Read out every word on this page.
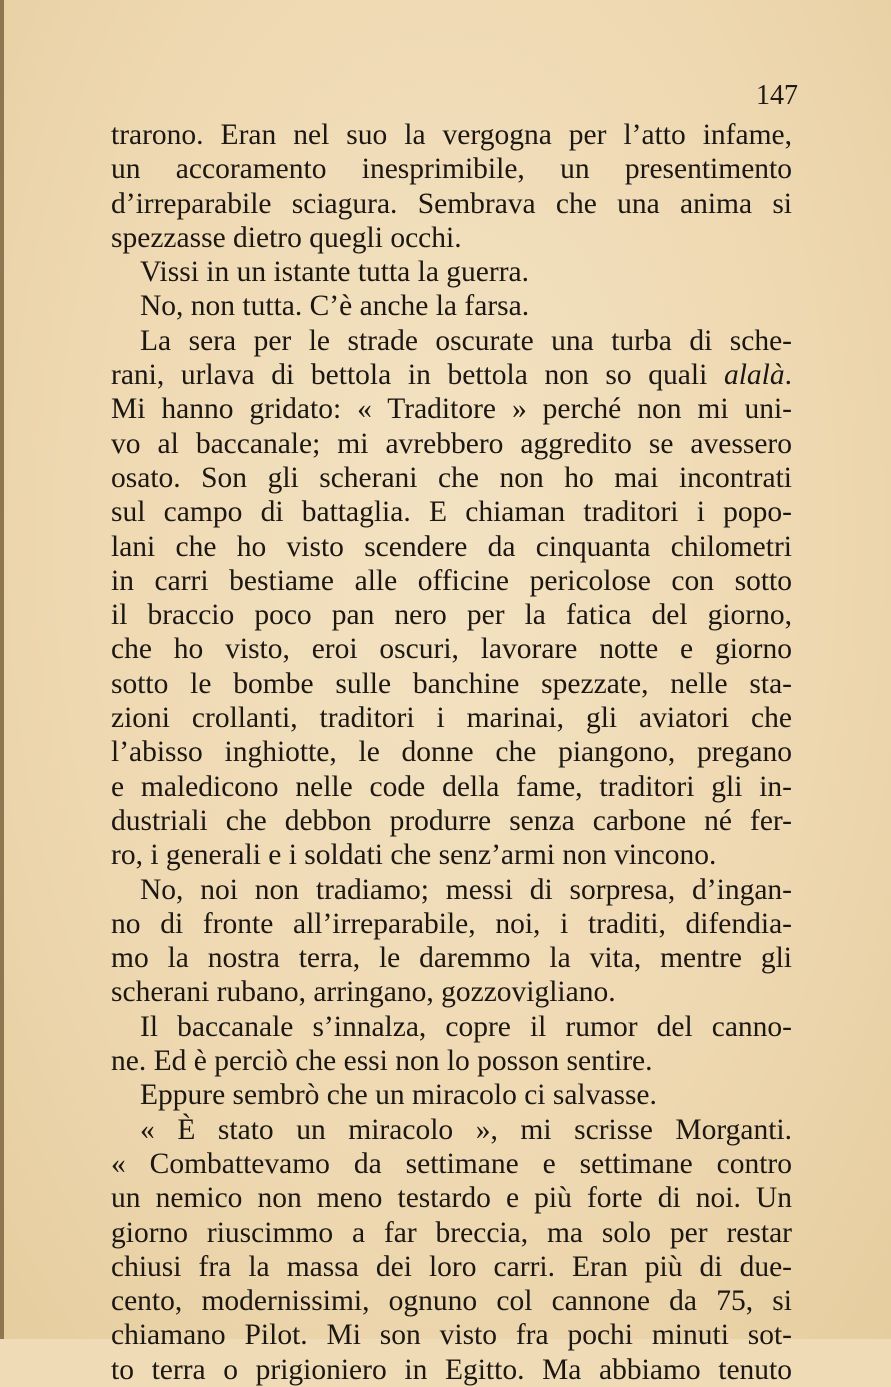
147
trarono. Eran nel suo la vergogna per l’atto infame,
un accoramento inesprimibile, un presentimento
d’irreparabile sciagura. Sembrava che una anima si
spezzasse dietro quegli occhi.
Vissi in un istante tutta la guerra.
No, non tutta. C’è anche la farsa.
La sera per le strade oscurate una turba di sche-
rani, urlava di bettola in bettola non so quali alalà.
Mi hanno gridato: « Traditore » perché non mi uni-
vo al baccanale; mi avrebbero aggredito se avessero
osato. Son gli scherani che non ho mai incontrati
sul campo di battaglia. E chiaman traditori i popo-
lani che ho visto scendere da cinquanta chilometri
in carri bestiame alle officine pericolose con sotto
il braccio poco pan nero per la fatica del giorno,
che ho visto, eroi oscuri, lavorare notte e giorno
sotto le bombe sulle banchine spezzate, nelle sta-
zioni crollanti, traditori i marinai, gli aviatori che
l’abisso inghiotte, le donne che piangono, pregano
e maledicono nelle code della fame, traditori gli in-
dustriali che debbon produrre senza carbone né fer-
ro, i generali e i soldati che senz’armi non vincono.
No, noi non tradiamo; messi di sorpresa, d’ingan-
no di fronte all’irreparabile, noi, i traditi, difendia-
mo la nostra terra, le daremmo la vita, mentre gli
scherani rubano, arringano, gozzovigliano.
Il baccanale s’innalza, copre il rumor del canno-
ne. Ed è perciò che essi non lo posson sentire.
Eppure sembrò che un miracolo ci salvasse.
« È stato un miracolo », mi scrisse Morganti.
« Combattevamo da settimane e settimane contro
un nemico non meno testardo e più forte di noi. Un
giorno riuscimmo a far breccia, ma solo per restar
chiusi fra la massa dei loro carri. Eran più di due-
cento, modernissimi, ognuno col cannone da 75, si
chiamano Pilot. Mi son visto fra pochi minuti sot-
to terra o prigioniero in Egitto. Ma abbiamo tenuto
